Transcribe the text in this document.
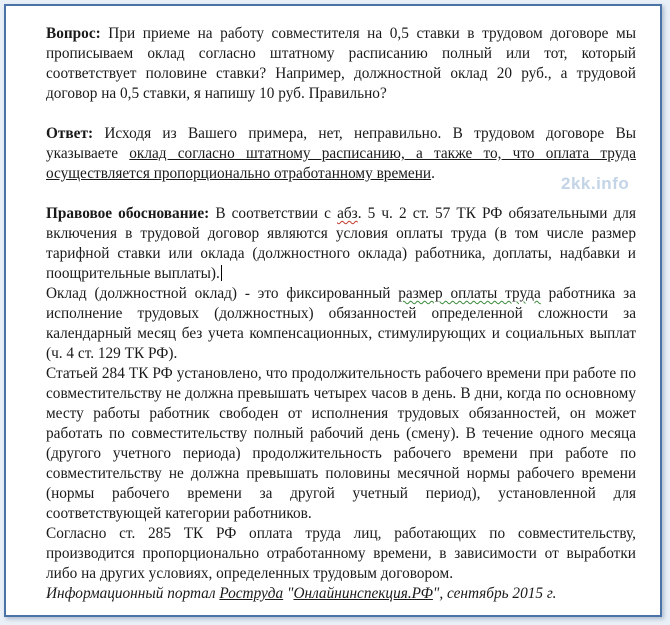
2kk.info

Вопрос: При приеме на работу совместителя на 0,5 ставки в трудовом договоре мы прописываем оклад согласно штатному расписанию полный или тот, который соответствует половине ставки? Например, должностной оклад 20 руб., а трудовой договор на 0,5 ставки, я напишу 10 руб. Правильно?

Ответ: Исходя из Вашего примера, нет, неправильно. В трудовом договоре Вы указываете оклад согласно штатному расписанию, а также то, что оплата труда осуществляется пропорционально отработанному времени.

Правовое обоснование: В соответствии с абз. 5 ч. 2 ст. 57 ТК РФ обязательными для включения в трудовой договор являются условия оплаты труда (в том числе размер тарифной ставки или оклада (должностного оклада) работника, доплаты, надбавки и поощрительные выплаты).

Оклад (должностной оклад) - это фиксированный размер оплаты труда работника за исполнение трудовых (должностных) обязанностей определенной сложности за календарный месяц без учета компенсационных, стимулирующих и социальных выплат (ч. 4 ст. 129 ТК РФ).

Статьей 284 ТК РФ установлено, что продолжительность рабочего времени при работе по совместительству не должна превышать четырех часов в день. В дни, когда по основному месту работы работник свободен от исполнения трудовых обязанностей, он может работать по совместительству полный рабочий день (смену). В течение одного месяца (другого учетного периода) продолжительность рабочего времени при работе по совместительству не должна превышать половины месячной нормы рабочего времени (нормы рабочего времени за другой учетный период), установленной для соответствующей категории работников.

Согласно ст. 285 ТК РФ оплата труда лиц, работающих по совместительству, производится пропорционально отработанному времени, в зависимости от выработки либо на других условиях, определенных трудовым договором.

Информационный портал Роструда "Онлайнинспекция.РФ", сентябрь 2015 г.
